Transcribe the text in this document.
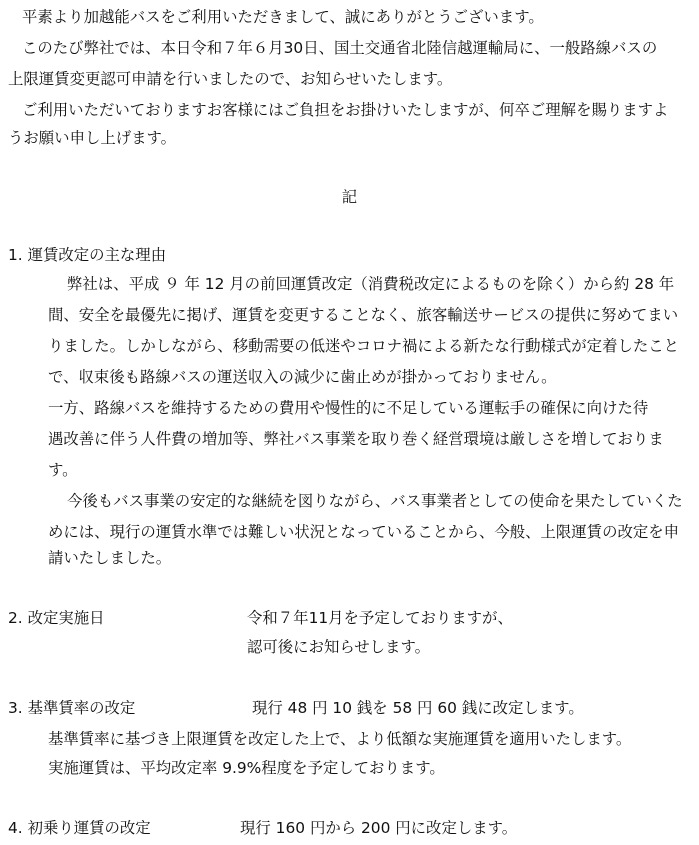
平素より加越能バスをご利用いただきまして、誠にありがとうございます。
このたび弊社では、本日令和７年６月30日、国土交通省北陸信越運輸局に、一般路線バスの
上限運賃変更認可申請を行いましたので、お知らせいたします。
ご利用いただいておりますお客様にはご負担をお掛けいたしますが、何卒ご理解を賜りますよ
うお願い申し上げます。
記
1. 運賃改定の主な理由
弊社は、平成 ９ 年 12 月の前回運賃改定（消費税改定によるものを除く）から約 28 年
間、安全を最優先に掲げ、運賃を変更することなく、旅客輸送サービスの提供に努めてまい
りました。しかしながら、移動需要の低迷やコロナ禍による新たな行動様式が定着したこと
で、収束後も路線バスの運送収入の減少に歯止めが掛かっておりません。
一方、路線バスを維持するための費用や慢性的に不足している運転手の確保に向けた待
遇改善に伴う人件費の増加等、弊社バス事業を取り巻く経営環境は厳しさを増しておりま
す。
今後もバス事業の安定的な継続を図りながら、バス事業者としての使命を果たしていくた
めには、現行の運賃水準では難しい状況となっていることから、今般、上限運賃の改定を申
請いたしました。
2. 改定実施日	令和７年11月を予定しておりますが、
認可後にお知らせします。
3. 基準賃率の改定	現行 48 円 10 銭を 58 円 60 銭に改定します。
基準賃率に基づき上限運賃を改定した上で、より低額な実施運賃を適用いたします。
実施運賃は、平均改定率 9.9%程度を予定しております。
4. 初乗り運賃の改定	現行 160 円から 200 円に改定します。
